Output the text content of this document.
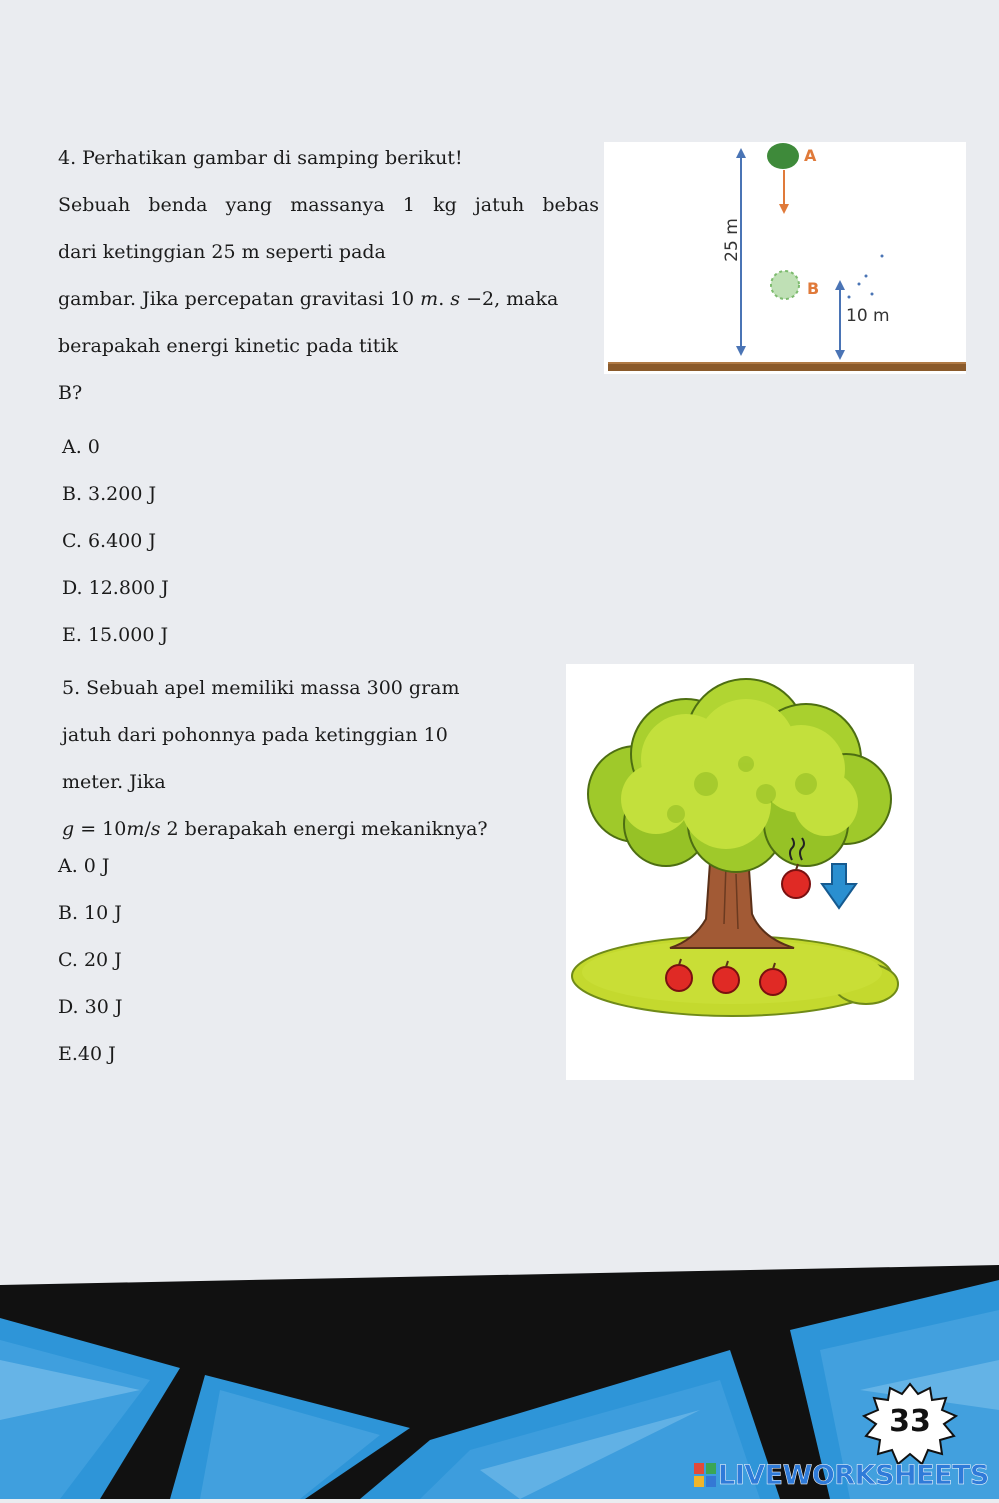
4. Perhatikan gambar di samping berikut!
Sebuah benda yang massanya 1 kg jatuh bebas
dari ketinggian 25 m seperti pada
gambar. Jika percepatan gravitasi 10 𝑚. 𝑠 −2, maka
berapakah energi kinetic pada titik
B?
A. 0
B. 3.200 J
C. 6.400 J
D. 12.800 J
E. 15.000 J
A
B
25 m
10 m
5. Sebuah apel memiliki massa 300 gram
jatuh dari pohonnya pada ketinggian 10
meter. Jika
𝑔 = 10𝑚/𝑠 2 berapakah energi mekaniknya?
A. 0 J
B. 10 J
C. 20 J
D. 30 J
E.40 J
33
LIVEWORKSHEETS
